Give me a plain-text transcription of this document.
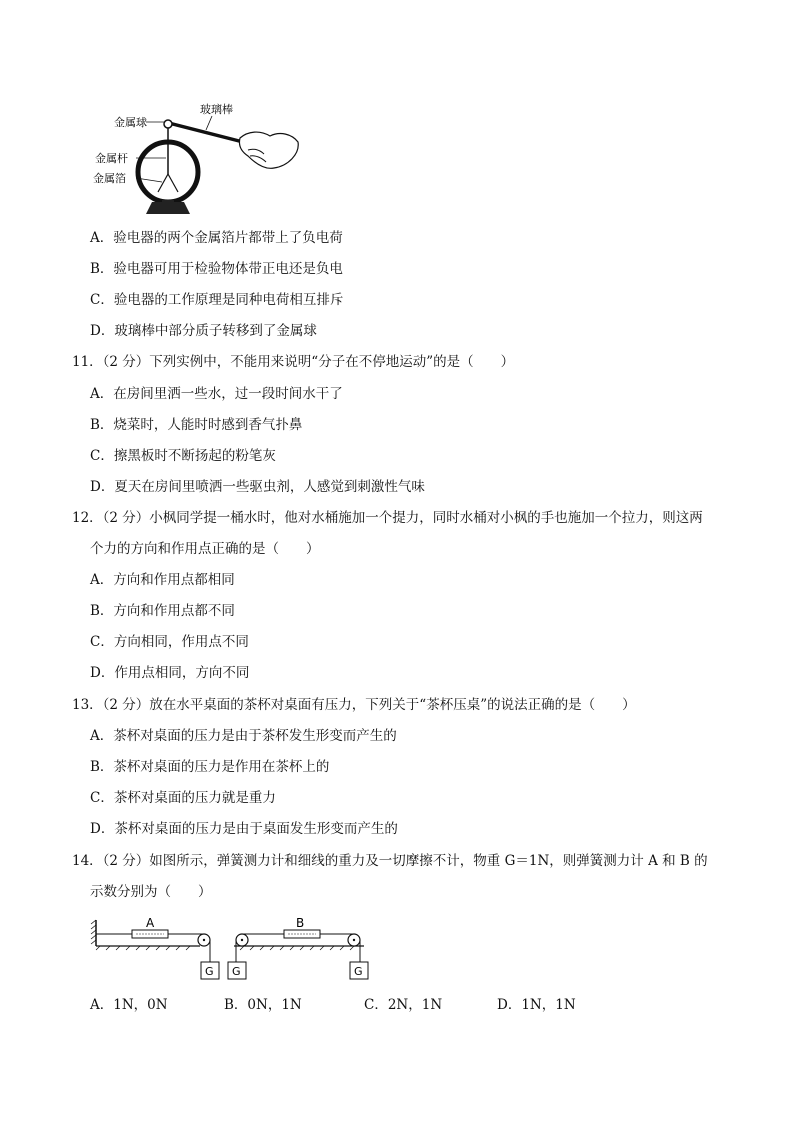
金属球
玻璃棒
金属杆
金属箔
A．验电器的两个金属箔片都带上了负电荷
B．验电器可用于检验物体带正电还是负电
C．验电器的工作原理是同种电荷相互排斥
D．玻璃棒中部分质子转移到了金属球
11．（2 分）下列实例中，不能用来说明“分子在不停地运动”的是（　　）
A．在房间里洒一些水，过一段时间水干了
B．烧菜时，人能时时感到香气扑鼻
C．擦黑板时不断扬起的粉笔灰
D．夏天在房间里喷洒一些驱虫剂，人感觉到刺激性气味
12．（2 分）小枫同学提一桶水时，他对水桶施加一个提力，同时水桶对小枫的手也施加一个拉力，则这两
个力的方向和作用点正确的是（　　）
A．方向和作用点都相同
B．方向和作用点都不同
C．方向相同，作用点不同
D．作用点相同，方向不同
13．（2 分）放在水平桌面的茶杯对桌面有压力，下列关于“茶杯压桌”的说法正确的是（　　）
A．茶杯对桌面的压力是由于茶杯发生形变而产生的
B．茶杯对桌面的压力是作用在茶杯上的
C．茶杯对桌面的压力就是重力
D．茶杯对桌面的压力是由于桌面发生形变而产生的
14．（2 分）如图所示，弹簧测力计和细线的重力及一切摩擦不计，物重 G＝1N，则弹簧测力计 A 和 B 的
示数分别为（　　）
A
G G
B
G
A．1N，0N	B．0N，1N	C．2N，1N	D．1N，1N
